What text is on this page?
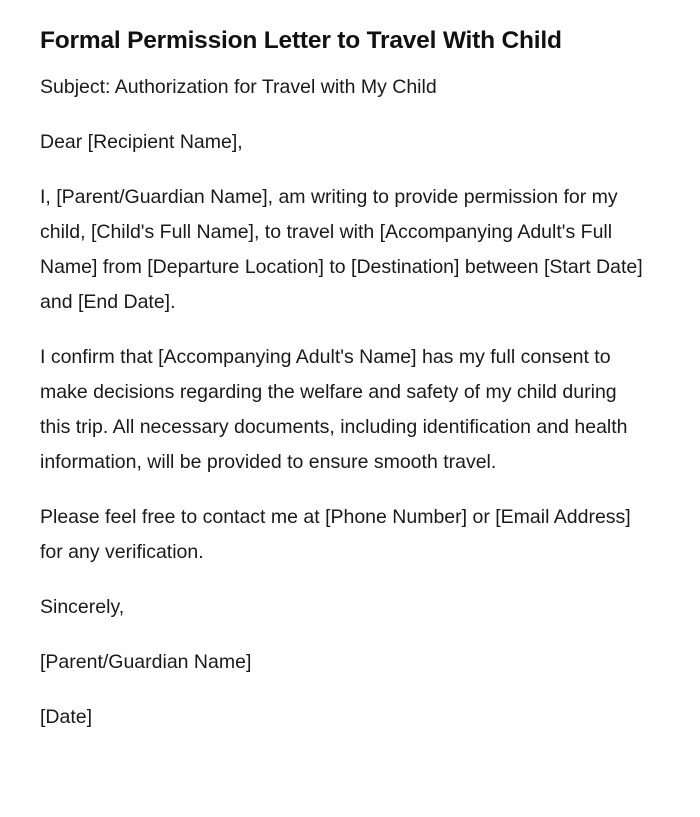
Formal Permission Letter to Travel With Child

Subject: Authorization for Travel with My Child

Dear [Recipient Name],

I, [Parent/Guardian Name], am writing to provide permission for my child, [Child's Full Name], to travel with [Accompanying Adult's Full Name] from [Departure Location] to [Destination] between [Start Date] and [End Date].

I confirm that [Accompanying Adult's Name] has my full consent to make decisions regarding the welfare and safety of my child during this trip. All necessary documents, including identification and health information, will be provided to ensure smooth travel.

Please feel free to contact me at [Phone Number] or [Email Address] for any verification.

Sincerely,

[Parent/Guardian Name]

[Date]
